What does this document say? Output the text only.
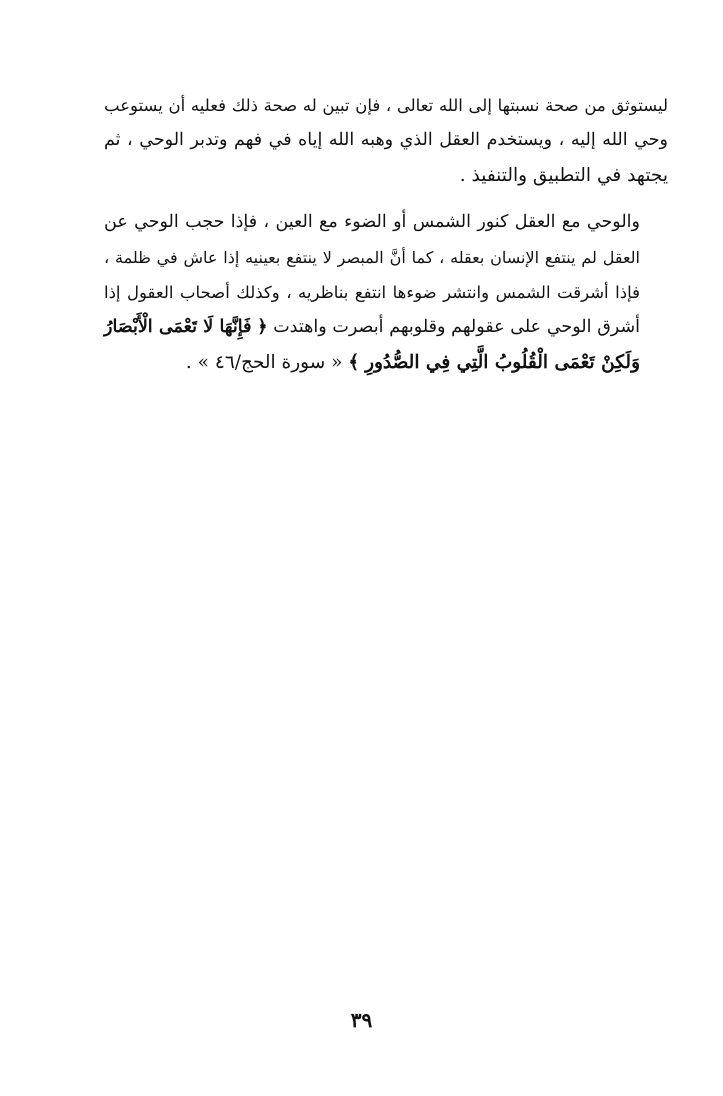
ليستوثق من صحة نسبتها إلى الله تعالى ، فإن تبين له صحة ذلك فعليه أن يستوعب
وحي الله إليه ، ويستخدم العقل الذي وهبه الله إياه في فهم وتدبر الوحي ، ثم
يجتهد في التطبيق والتنفيذ .
والوحي مع العقل كنور الشمس أو الضوء مع العين ، فإذا حجب الوحي عن
العقل لم ينتفع الإنسان بعقله ، كما أنَّ المبصر لا ينتفع بعينيه إذا عاش في ظلمة ،
فإذا أشرقت الشمس وانتشر ضوءها انتفع بناظريه ، وكذلك أصحاب العقول إذا
أشرق الوحي على عقولهم وقلوبهم أبصرت واهتدت ﴿ فَإِنَّهَا لَا تَعْمَى الْأَبْصَارُ
وَلَكِنْ تَعْمَى الْقُلُوبُ الَّتِي فِي الصُّدُورِ ﴾ « سورة الحج/٤٦ » .
٣٩
